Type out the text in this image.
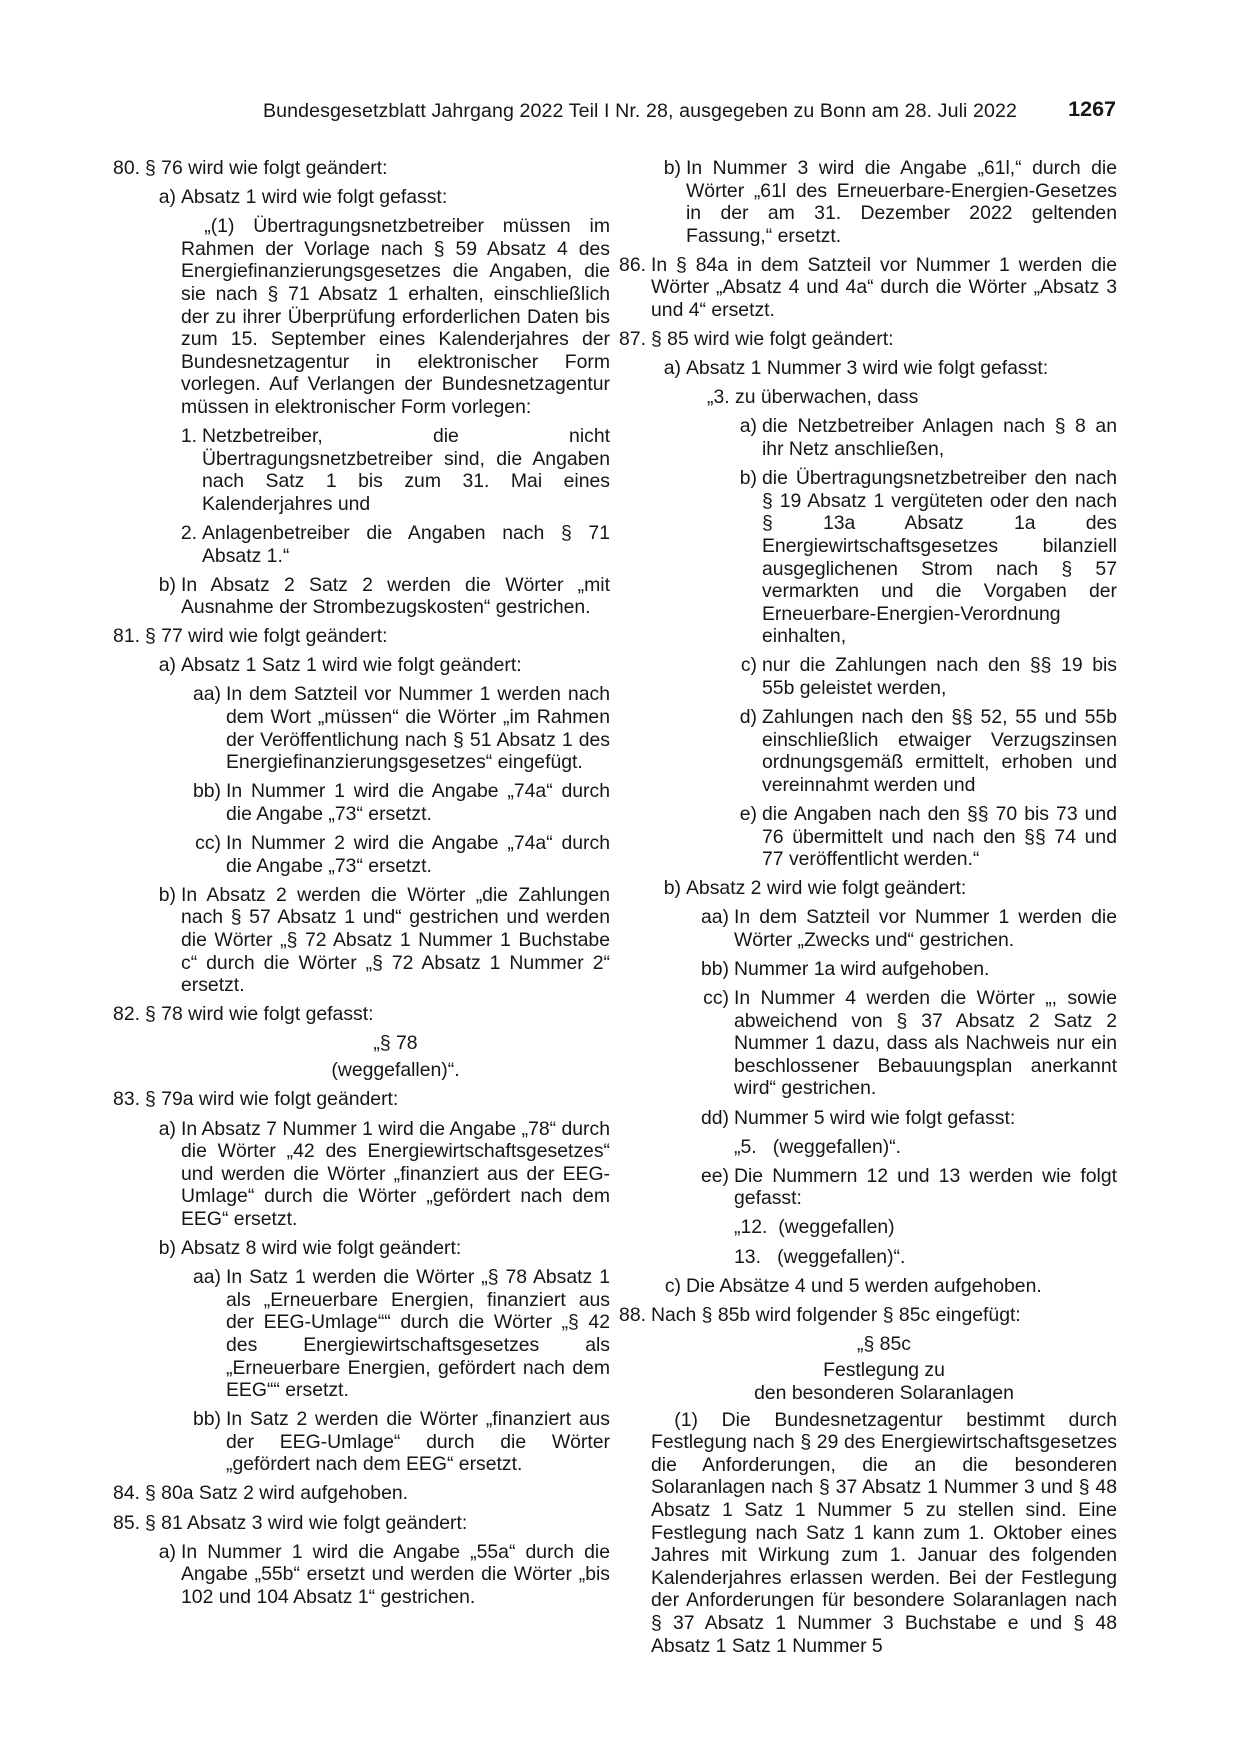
Bundesgesetzblatt Jahrgang 2022 Teil I Nr. 28, ausgegeben zu Bonn am 28. Juli 2022 1267
80. § 76 wird wie folgt geändert:
a) Absatz 1 wird wie folgt gefasst:
„(1) Übertragungsnetzbetreiber müssen im Rahmen der Vorlage nach § 59 Absatz 4 des Energiefinanzierungsgesetzes die Angaben, die sie nach § 71 Absatz 1 erhalten, einschließlich der zu ihrer Überprüfung erforderlichen Daten bis zum 15. September eines Kalenderjahres der Bundesnetzagentur in elektronischer Form vorlegen. Auf Verlangen der Bundesnetzagentur müssen in elektronischer Form vorlegen:
1. Netzbetreiber, die nicht Übertragungsnetzbetreiber sind, die Angaben nach Satz 1 bis zum 31. Mai eines Kalenderjahres und
2. Anlagenbetreiber die Angaben nach § 71 Absatz 1.“
b) In Absatz 2 Satz 2 werden die Wörter „mit Ausnahme der Strombezugskosten“ gestrichen.
81. § 77 wird wie folgt geändert:
a) Absatz 1 Satz 1 wird wie folgt geändert:
aa) In dem Satzteil vor Nummer 1 werden nach dem Wort „müssen“ die Wörter „im Rahmen der Veröffentlichung nach § 51 Absatz 1 des Energiefinanzierungsgesetzes“ eingefügt.
bb) In Nummer 1 wird die Angabe „74a“ durch die Angabe „73“ ersetzt.
cc) In Nummer 2 wird die Angabe „74a“ durch die Angabe „73“ ersetzt.
b) In Absatz 2 werden die Wörter „die Zahlungen nach § 57 Absatz 1 und“ gestrichen und werden die Wörter „§ 72 Absatz 1 Nummer 1 Buchstabe c“ durch die Wörter „§ 72 Absatz 1 Nummer 2“ ersetzt.
82. § 78 wird wie folgt gefasst:
„§ 78
(weggefallen)“.
83. § 79a wird wie folgt geändert:
a) In Absatz 7 Nummer 1 wird die Angabe „78“ durch die Wörter „42 des Energiewirtschaftsgesetzes“ und werden die Wörter „finanziert aus der EEG-Umlage“ durch die Wörter „gefördert nach dem EEG“ ersetzt.
b) Absatz 8 wird wie folgt geändert:
aa) In Satz 1 werden die Wörter „§ 78 Absatz 1 als „Erneuerbare Energien, finanziert aus der EEG-Umlage““ durch die Wörter „§ 42 des Energiewirtschaftsgesetzes als „Erneuerbare Energien, gefördert nach dem EEG““ ersetzt.
bb) In Satz 2 werden die Wörter „finanziert aus der EEG-Umlage“ durch die Wörter „gefördert nach dem EEG“ ersetzt.
84. § 80a Satz 2 wird aufgehoben.
85. § 81 Absatz 3 wird wie folgt geändert:
a) In Nummer 1 wird die Angabe „55a“ durch die Angabe „55b“ ersetzt und werden die Wörter „bis 102 und 104 Absatz 1“ gestrichen.
b) In Nummer 3 wird die Angabe „61l,“ durch die Wörter „61l des Erneuerbare-Energien-Gesetzes in der am 31. Dezember 2022 geltenden Fassung,“ ersetzt.
86. In § 84a in dem Satzteil vor Nummer 1 werden die Wörter „Absatz 4 und 4a“ durch die Wörter „Absatz 3 und 4“ ersetzt.
87. § 85 wird wie folgt geändert:
a) Absatz 1 Nummer 3 wird wie folgt gefasst:
„3. zu überwachen, dass
a) die Netzbetreiber Anlagen nach § 8 an ihr Netz anschließen,
b) die Übertragungsnetzbetreiber den nach § 19 Absatz 1 vergüteten oder den nach § 13a Absatz 1a des Energiewirtschaftsgesetzes bilanziell ausgeglichenen Strom nach § 57 vermarkten und die Vorgaben der Erneuerbare-Energien-Verordnung einhalten,
c) nur die Zahlungen nach den §§ 19 bis 55b geleistet werden,
d) Zahlungen nach den §§ 52, 55 und 55b einschließlich etwaiger Verzugszinsen ordnungsgemäß ermittelt, erhoben und vereinnahmt werden und
e) die Angaben nach den §§ 70 bis 73 und 76 übermittelt und nach den §§ 74 und 77 veröffentlicht werden.“
b) Absatz 2 wird wie folgt geändert:
aa) In dem Satzteil vor Nummer 1 werden die Wörter „Zwecks und“ gestrichen.
bb) Nummer 1a wird aufgehoben.
cc) In Nummer 4 werden die Wörter „, sowie abweichend von § 37 Absatz 2 Satz 2 Nummer 1 dazu, dass als Nachweis nur ein beschlossener Bebauungsplan anerkannt wird“ gestrichen.
dd) Nummer 5 wird wie folgt gefasst:
„5.   (weggefallen)“.
ee) Die Nummern 12 und 13 werden wie folgt gefasst:
„12.  (weggefallen)
13.   (weggefallen)“.
c) Die Absätze 4 und 5 werden aufgehoben.
88. Nach § 85b wird folgender § 85c eingefügt:
„§ 85c
Festlegung zu
den besonderen Solaranlagen
(1) Die Bundesnetzagentur bestimmt durch Festlegung nach § 29 des Energiewirtschaftsgesetzes die Anforderungen, die an die besonderen Solaranlagen nach § 37 Absatz 1 Nummer 3 und § 48 Absatz 1 Satz 1 Nummer 5 zu stellen sind. Eine Festlegung nach Satz 1 kann zum 1. Oktober eines Jahres mit Wirkung zum 1. Januar des folgenden Kalenderjahres erlassen werden. Bei der Festlegung der Anforderungen für besondere Solaranlagen nach § 37 Absatz 1 Nummer 3 Buchstabe e und § 48 Absatz 1 Satz 1 Nummer 5
